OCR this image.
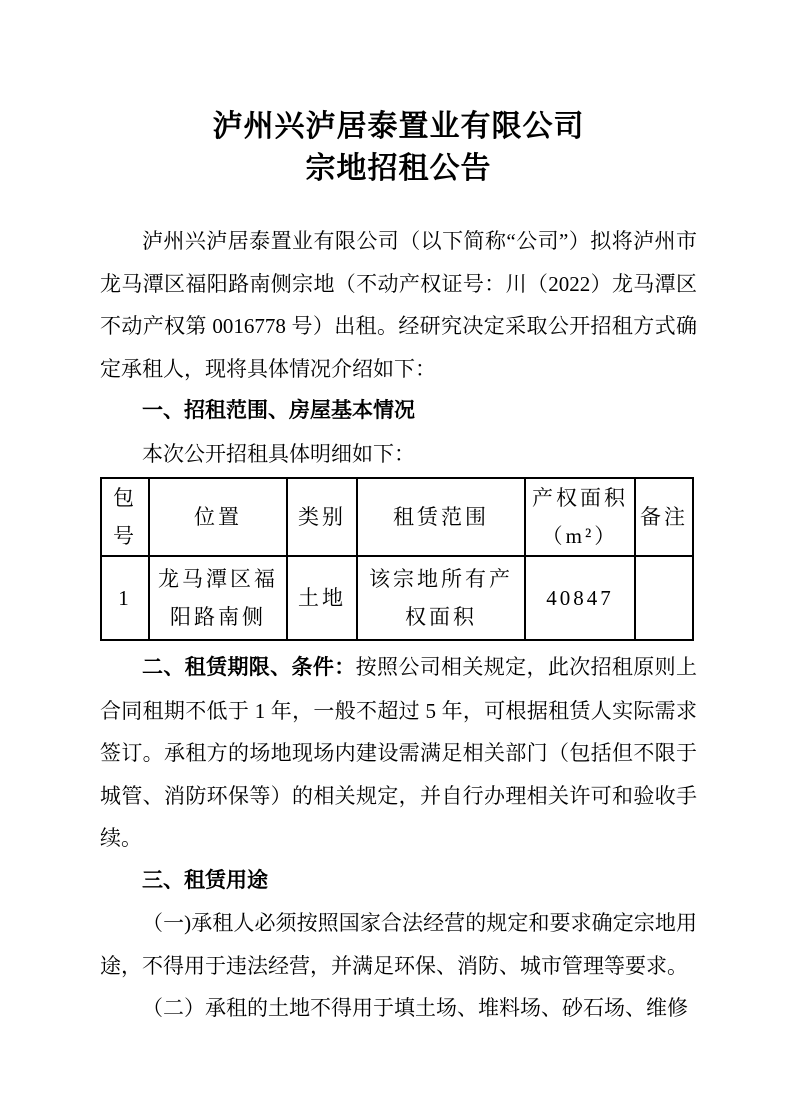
泸州兴泸居泰置业有限公司
宗地招租公告

泸州兴泸居泰置业有限公司（以下简称“公司”）拟将泸州市龙马潭区福阳路南侧宗地（不动产权证号：川（2022）龙马潭区不动产权第 0016778 号）出租。经研究决定采取公开招租方式确定承租人，现将具体情况介绍如下：

一、招租范围、房屋基本情况

本次公开招租具体明细如下：

包号	位置	类别	租赁范围	产权面积（m²）	备注
1	龙马潭区福阳路南侧	土地	该宗地所有产权面积	40847	

二、租赁期限、条件：按照公司相关规定，此次招租原则上合同租期不低于 1 年，一般不超过 5 年，可根据租赁人实际需求签订。承租方的场地现场内建设需满足相关部门（包括但不限于城管、消防环保等）的相关规定，并自行办理相关许可和验收手续。

三、租赁用途

（一)承租人必须按照国家合法经营的规定和要求确定宗地用途，不得用于违法经营，并满足环保、消防、城市管理等要求。

（二）承租的土地不得用于填土场、堆料场、砂石场、维修
